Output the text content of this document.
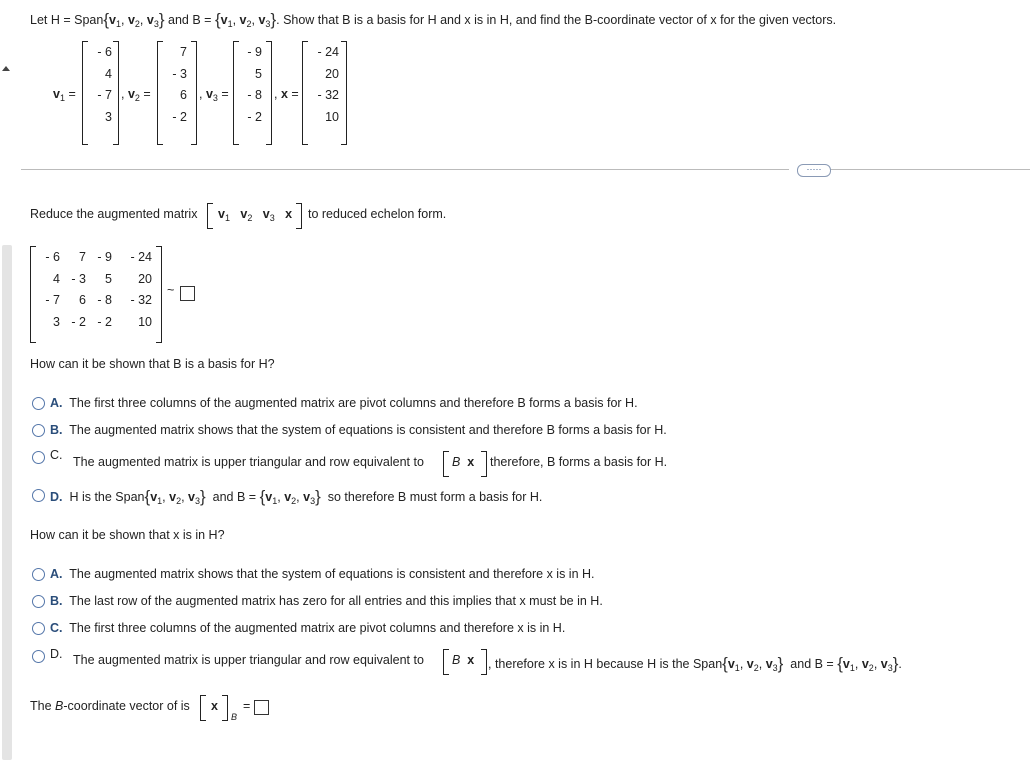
Let $H = Span\{v_1$, $v_2$, $v_3$} and $B = \{v_1$, $v_2$, $v_3$}. Show that B is a basis for H and x is in H, and find the B-coordinate vector of x for the given vectors.
$v_1$ =
- 6
4
- 7
3
, $v_2$ =
7
- 3
6
- 2
, $v_3$ =
- 9
5
- 8
- 2
, x =
- 24
20
- 32
10
·····
Reduce the augmented matrix $v_1$ $v_2$ $v_3$ x to reduced echelon form.
- 6
4
- 7
3
7
- 3
6
- 2
- 9
5
- 8
- 2
- 24
20
- 32
10
~
How can it be shown that B is a basis for H?
A. The first three columns of the augmented matrix are pivot columns and therefore B forms a basis for H.
B. The augmented matrix shows that the system of equations is consistent and therefore B forms a basis for H.
C. The augmented matrix is upper triangular and row equivalent to B x therefore, B forms a basis for H.
D. H is the $Span\{v_1$, $v_2$, $v_3$} and $B = \{v_1$, $v_2$, $v_3$} so therefore B must form a basis for H.
How can it be shown that x is in H?
A. The augmented matrix shows that the system of equations is consistent and therefore x is in H.
B. The last row of the augmented matrix has zero for all entries and this implies that x must be in H.
C. The first three columns of the augmented matrix are pivot columns and therefore x is in H.
D. The augmented matrix is upper triangular and row equivalent to B x , therefore x is in H because H is the $Span\{v_1$, $v_2$, $v_3$} and $B = \{v_1$, $v_2$, $v_3$}.
The B-coordinate vector of is x
B
=
